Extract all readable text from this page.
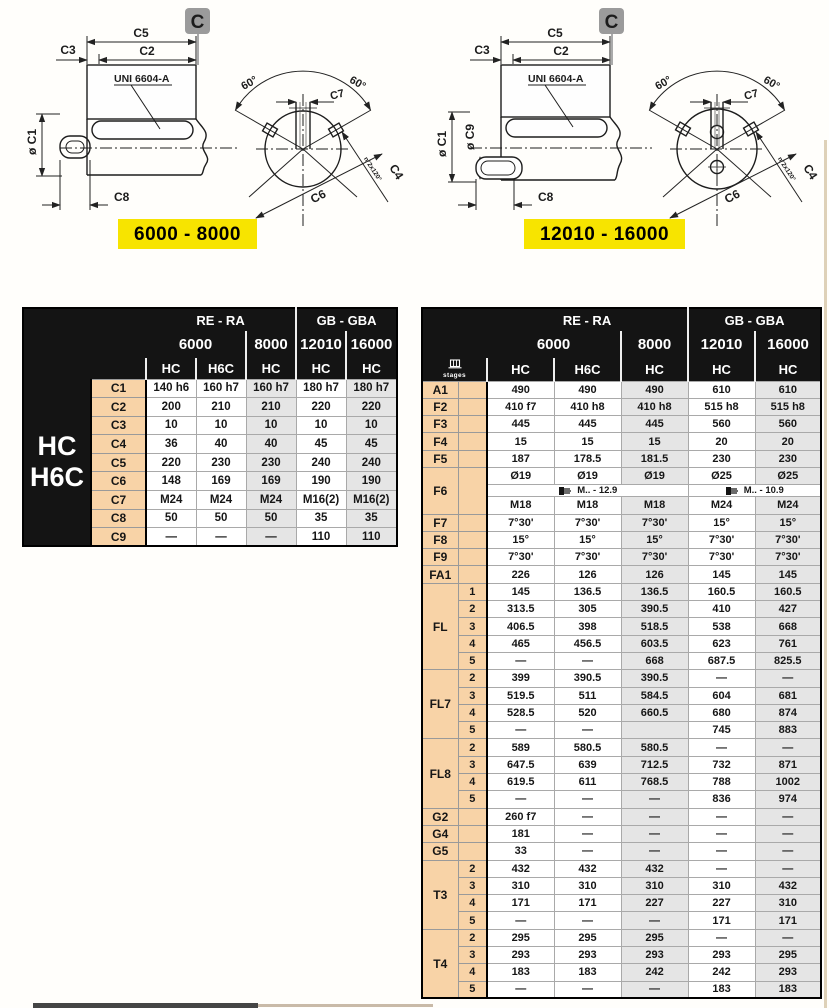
C
C5
C2
C3
UNI 6604-A
ø C1
C8
60°	60°
C7
C4
n°2x120°
C6
6000 - 8000
C
C5
C2
C3
UNI 6604-A
ø C1 ø C9
C8
60°	60°
C7
C4
n°2x120°
C6
12010 - 16000
		RE - RA			GB - GBA	
		6000		8000	12010	16000
		HC	H6C	HC	HC	HC

HC
H6C	C1	140 h6	160 h7	160 h7	180 h7	180 h7
	C2	200	210	210	220	220
	C3	10	10	10	10	10
	C4	36	40	40	45	45
	C5	220	230	230	240	240
	C6	148	169	169	190	190
	C7	M24	M24	M24	M16(2)	M16(2)
	C8	50	50	50	35	35
	C9	—	—	—	110	110
		RE - RA			GB - GBA	
		6000		8000	12010	16000

stages		HC	H6C	HC	HC	HC
A1		490	490	490	610	610
F2		410 f7	410 h8	410 h8	515 h8	515 h8
F3		445	445	445	560	560
F4		15	15	15	20	20
F5		187	178.5	181.5	230	230
F6		Ø19	Ø19	Ø19	Ø25	Ø25
		M.. - 12.9			M.. - 10.9	
		M18	M18	M18	M24	M24
F7		7°30'	7°30'	7°30'	15°	15°
F8		15°	15°	15°	7°30'	7°30'
F9		7°30'	7°30'	7°30'	7°30'	7°30'
FA1		226	126	126	145	145
FL	1	145	136.5	136.5	160.5	160.5
	2	313.5	305	390.5	410	427
	3	406.5	398	518.5	538	668
	4	465	456.5	603.5	623	761
	5	—	—	668	687.5	825.5
FL7	2	399	390.5	390.5	—	—
	3	519.5	511	584.5	604	681
	4	528.5	520	660.5	680	874
	5	—	—		745	883
FL8	2	589	580.5	580.5	—	—
	3	647.5	639	712.5	732	871
	4	619.5	611	768.5	788	1002
	5	—	—	—	836	974
G2		260 f7	—	—	—	—
G4		181	—	—	—	—
G5		33	—	—	—	—
T3	2	432	432	432	—	—
	3	310	310	310	310	432
	4	171	171	227	227	310
	5	—	—	—	171	171
T4	2	295	295	295	—	—
	3	293	293	293	293	295
	4	183	183	242	242	293
	5	—	—	—	183	183
